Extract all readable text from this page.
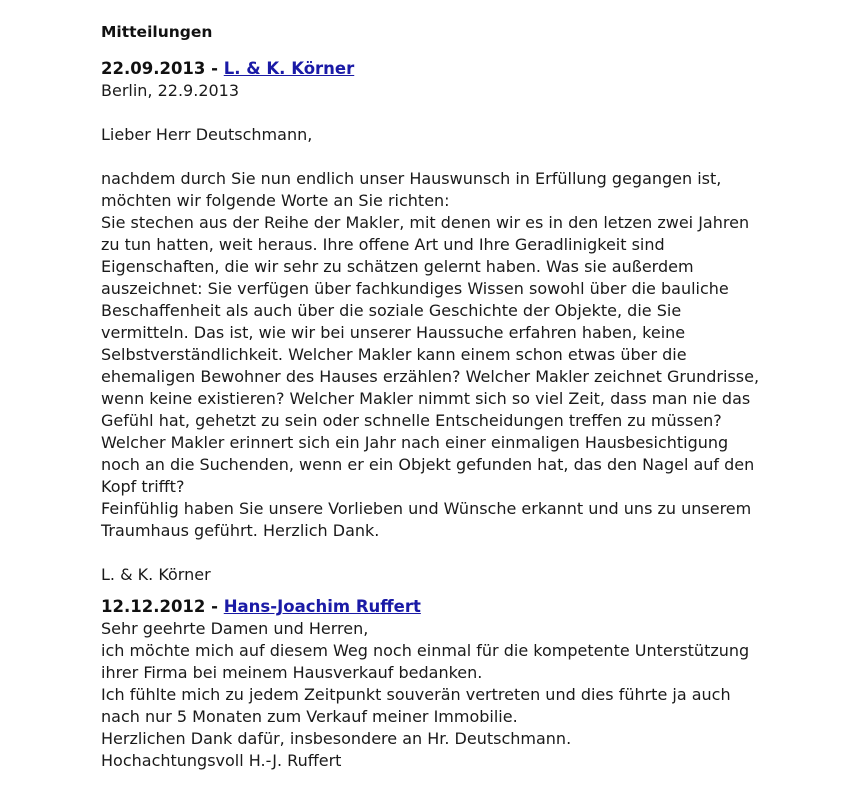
Mitteilungen
22.09.2013 - L. & K. Körner

Berlin, 22.9.2013

Lieber Herr Deutschmann,

nachdem durch Sie nun endlich unser Hauswunsch in Erfüllung gegangen ist,

möchten wir folgende Worte an Sie richten:

Sie stechen aus der Reihe der Makler, mit denen wir es in den letzen zwei Jahren

zu tun hatten, weit heraus. Ihre offene Art und Ihre Geradlinigkeit sind

Eigenschaften, die wir sehr zu schätzen gelernt haben. Was sie außerdem

auszeichnet: Sie verfügen über fachkundiges Wissen sowohl über die bauliche

Beschaffenheit als auch über die soziale Geschichte der Objekte, die Sie

vermitteln. Das ist, wie wir bei unserer Haussuche erfahren haben, keine

Selbstverständlichkeit. Welcher Makler kann einem schon etwas über die

ehemaligen Bewohner des Hauses erzählen? Welcher Makler zeichnet Grundrisse,

wenn keine existieren? Welcher Makler nimmt sich so viel Zeit, dass man nie das

Gefühl hat, gehetzt zu sein oder schnelle Entscheidungen treffen zu müssen?

Welcher Makler erinnert sich ein Jahr nach einer einmaligen Hausbesichtigung

noch an die Suchenden, wenn er ein Objekt gefunden hat, das den Nagel auf den

Kopf trifft?

Feinfühlig haben Sie unsere Vorlieben und Wünsche erkannt und uns zu unserem

Traumhaus geführt. Herzlich Dank.

L. & K. Körner

12.12.2012 - Hans-Joachim Ruffert

Sehr geehrte Damen und Herren,

ich möchte mich auf diesem Weg noch einmal für die kompetente Unterstützung

ihrer Firma bei meinem Hausverkauf bedanken.

Ich fühlte mich zu jedem Zeitpunkt souverän vertreten und dies führte ja auch

nach nur 5 Monaten zum Verkauf meiner Immobilie.

Herzlichen Dank dafür, insbesondere an Hr. Deutschmann.

Hochachtungsvoll H.-J. Ruffert
